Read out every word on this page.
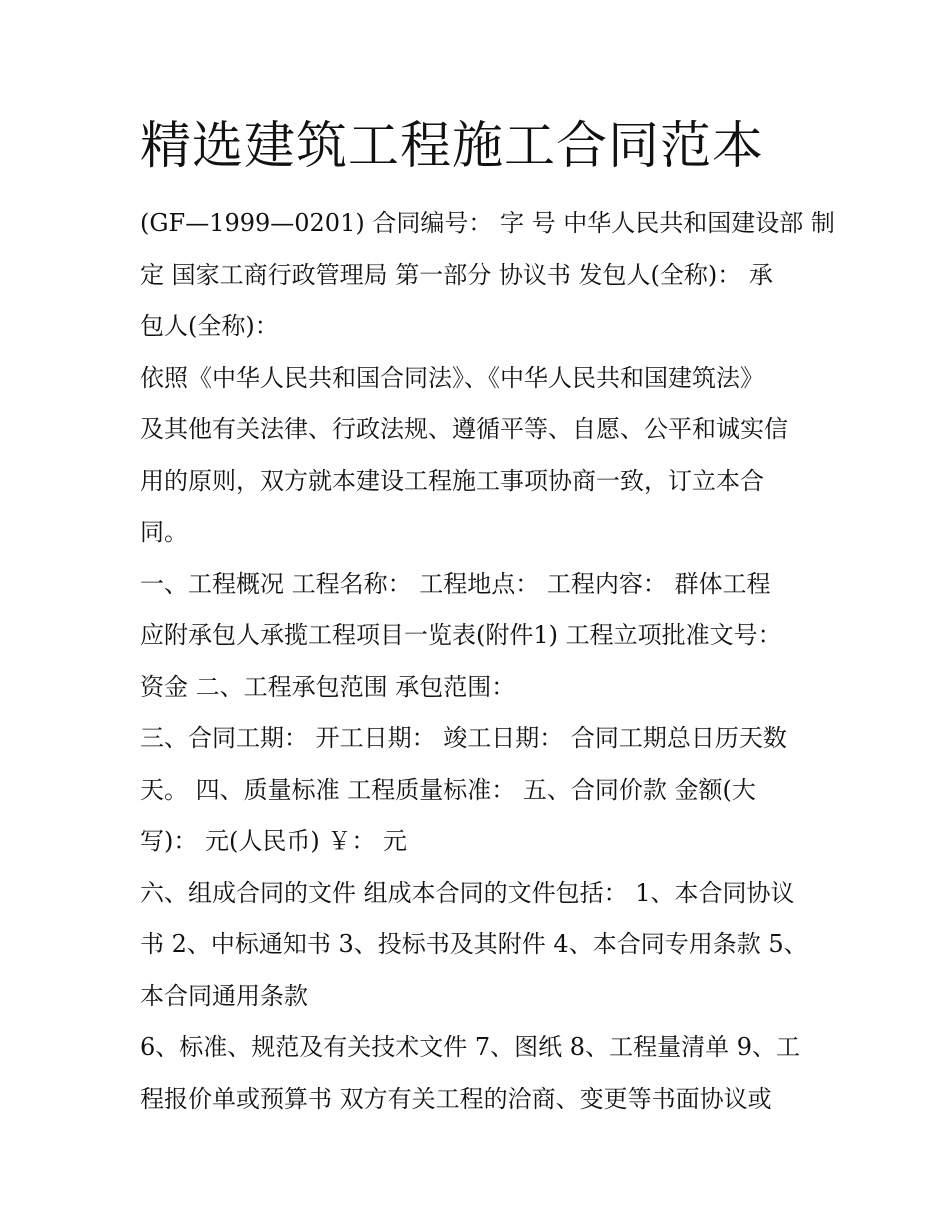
精选建筑工程施工合同范本

(GF—1999—0201) 合同编号： 字 号 中华人民共和国建设部 制
定 国家工商行政管理局 第一部分 协议书 发包人(全称)： 承
包人(全称)：

依照《中华人民共和国合同法》、《中华人民共和国建筑法》
及其他有关法律、行政法规、遵循平等、自愿、公平和诚实信
用的原则，双方就本建设工程施工事项协商一致，订立本合
同。

一、工程概况 工程名称： 工程地点： 工程内容： 群体工程
应附承包人承揽工程项目一览表(附件1) 工程立项批准文号：
资金 二、工程承包范围 承包范围：

三、合同工期： 开工日期： 竣工日期： 合同工期总日历天数
天。 四、质量标准 工程质量标准： 五、合同价款 金额(大
写)： 元(人民币) ￥： 元

六、组成合同的文件 组成本合同的文件包括： 1、本合同协议
书 2、中标通知书 3、投标书及其附件 4、本合同专用条款 5、
本合同通用条款

6、标准、规范及有关技术文件 7、图纸 8、工程量清单 9、工
程报价单或预算书 双方有关工程的洽商、变更等书面协议或
